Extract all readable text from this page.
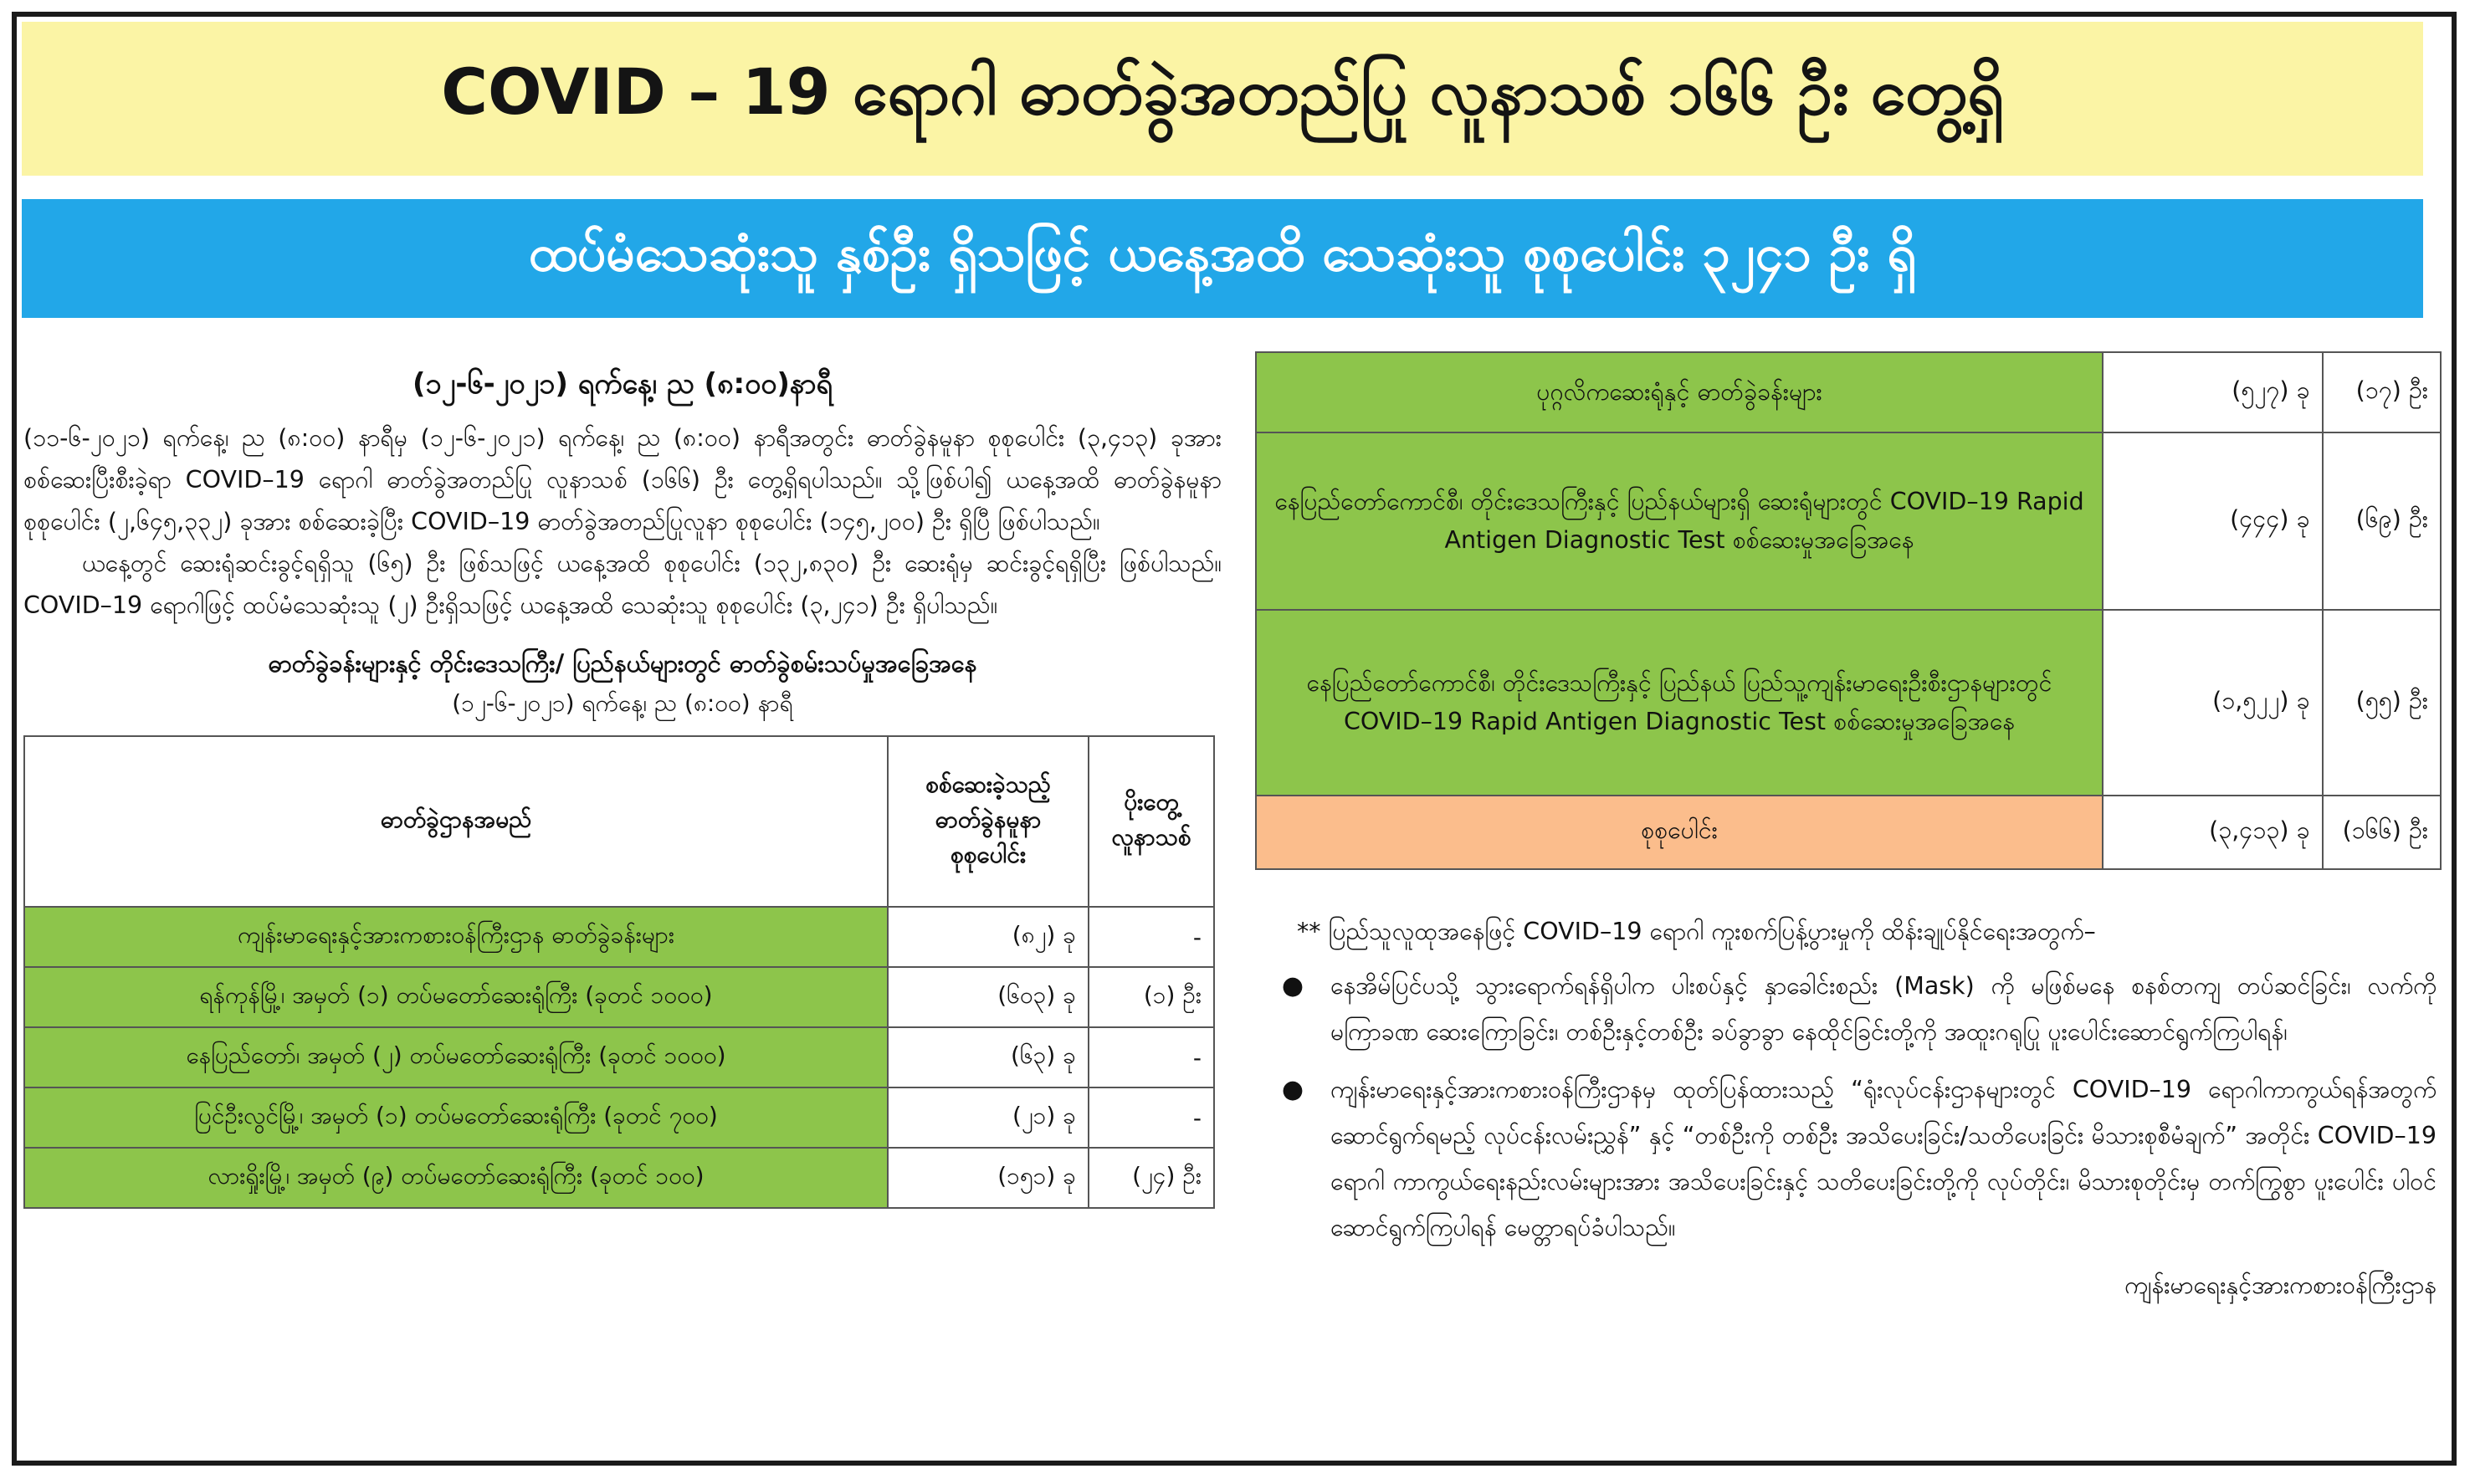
COVID – 19 ရောဂါ ဓာတ်ခွဲအတည်ပြု လူနာသစ် ၁၆၆ ဦး တွေ့ရှိ
ထပ်မံသေဆုံးသူ နှစ်ဦး ရှိသဖြင့် ယနေ့အထိ သေဆုံးသူ စုစုပေါင်း ၃၂၄၁ ဦး ရှိ
(၁၂-၆-၂၀၂၁) ရက်နေ့၊ ည (၈:၀၀)နာရီ

(၁၁-၆-၂၀၂၁) ရက်နေ့၊ ည (၈:၀၀) နာရီမှ (၁၂-၆-၂၀၂၁) ရက်နေ့၊ ည (၈:၀၀) နာရီအတွင်း ဓာတ်ခွဲနမူနာ စုစုပေါင်း (၃,၄၁၃) ခုအား စစ်ဆေးပြီးစီးခဲ့ရာ COVID–19 ရောဂါ ဓာတ်ခွဲအတည်ပြု လူနာသစ် (၁၆၆) ဦး တွေ့ရှိရပါသည်။ သို့ဖြစ်ပါ၍ ယနေ့အထိ ဓာတ်ခွဲနမူနာ စုစုပေါင်း (၂,၆၄၅,၃၃၂) ခုအား စစ်ဆေးခဲ့ပြီး COVID–19 ဓာတ်ခွဲအတည်ပြုလူနာ စုစုပေါင်း (၁၄၅,၂၀၀) ဦး ရှိပြီ ဖြစ်ပါသည်။

ယနေ့တွင် ဆေးရုံဆင်းခွင့်ရရှိသူ (၆၅) ဦး ဖြစ်သဖြင့် ယနေ့အထိ စုစုပေါင်း (၁၃၂,၈၃၀) ဦး ဆေးရုံမှ ဆင်းခွင့်ရရှိပြီး ဖြစ်ပါသည်။ COVID–19 ရောဂါဖြင့် ထပ်မံသေဆုံးသူ (၂) ဦးရှိသဖြင့် ယနေ့အထိ သေဆုံးသူ စုစုပေါင်း (၃,၂၄၁) ဦး ရှိပါသည်။

ဓာတ်ခွဲခန်းများနှင့် တိုင်းဒေသကြီး/ ပြည်နယ်များတွင် ဓာတ်ခွဲစမ်းသပ်မှုအခြေအနေ
(၁၂-၆-၂၀၂၁) ရက်နေ့၊ ည (၈:၀၀) နာရီ
ဓာတ်ခွဲဌာနအမည်	စစ်ဆေးခဲ့သည့် ဓာတ်ခွဲနမူနာ စုစုပေါင်း	ပိုးတွေ့ လူနာသစ်
ကျန်းမာရေးနှင့်အားကစားဝန်ကြီးဌာန ဓာတ်ခွဲခန်းများ	(၈၂) ခု	-
ရန်ကုန်မြို့၊ အမှတ် (၁) တပ်မတော်ဆေးရုံကြီး (ခုတင် ၁၀၀၀)	(၆၀၃) ခု	(၁) ဦး
နေပြည်တော်၊ အမှတ် (၂) တပ်မတော်ဆေးရုံကြီး (ခုတင် ၁၀၀၀)	(၆၃) ခု	-
ပြင်ဦးလွင်မြို့၊ အမှတ် (၁) တပ်မတော်ဆေးရုံကြီး (ခုတင် ၇၀၀)	(၂၁) ခု	-
လားရှိုးမြို့၊ အမှတ် (၉) တပ်မတော်ဆေးရုံကြီး (ခုတင် ၁၀၀)	(၁၅၁) ခု	(၂၄) ဦး
ပုဂ္ဂလိကဆေးရုံနှင့် ဓာတ်ခွဲခန်းများ	(၅၂၇) ခု	(၁၇) ဦး
နေပြည်တော်ကောင်စီ၊ တိုင်းဒေသကြီးနှင့် ပြည်နယ်များရှိ ဆေးရုံများတွင် COVID–19 Rapid Antigen Diagnostic Test စစ်ဆေးမှုအခြေအနေ	(၄၄၄) ခု	(၆၉) ဦး
နေပြည်တော်ကောင်စီ၊ တိုင်းဒေသကြီးနှင့် ပြည်နယ် ပြည်သူ့ကျန်းမာရေးဦးစီးဌာနများတွင် COVID–19 Rapid Antigen Diagnostic Test စစ်ဆေးမှုအခြေအနေ	(၁,၅၂၂) ခု	(၅၅) ဦး
စုစုပေါင်း	(၃,၄၁၃) ခု	(၁၆၆) ဦး
** ပြည်သူလူထုအနေဖြင့် COVID–19 ရောဂါ ကူးစက်ပြန့်ပွားမှုကို ထိန်းချုပ်နိုင်ရေးအတွက်–
●	နေအိမ်ပြင်ပသို့ သွားရောက်ရန်ရှိပါက ပါးစပ်နှင့် နှာခေါင်းစည်း (Mask) ကို မဖြစ်မနေ စနစ်တကျ တပ်ဆင်ခြင်း၊ လက်ကို မကြာခဏ ဆေးကြောခြင်း၊ တစ်ဦးနှင့်တစ်ဦး ခပ်ခွာခွာ နေထိုင်ခြင်းတို့ကို အထူးဂရုပြု ပူးပေါင်းဆောင်ရွက်ကြပါရန်၊
●	ကျန်းမာရေးနှင့်အားကစားဝန်ကြီးဌာနမှ ထုတ်ပြန်ထားသည့် “ရုံးလုပ်ငန်းဌာနများတွင် COVID–19 ရောဂါကာကွယ်ရန်အတွက် ဆောင်ရွက်ရမည့် လုပ်ငန်းလမ်းညွှန်” နှင့် “တစ်ဦးကို တစ်ဦး အသိပေးခြင်း/သတိပေးခြင်း မိသားစုစီမံချက်” အတိုင်း COVID–19 ရောဂါ ကာကွယ်ရေးနည်းလမ်းများအား အသိပေးခြင်းနှင့် သတိပေးခြင်းတို့ကို လုပ်တိုင်း၊ မိသားစုတိုင်းမှ တက်ကြွစွာ ပူးပေါင်း ပါဝင် ဆောင်ရွက်ကြပါရန် မေတ္တာရပ်ခံပါသည်။
ကျန်းမာရေးနှင့်အားကစားဝန်ကြီးဌာန
